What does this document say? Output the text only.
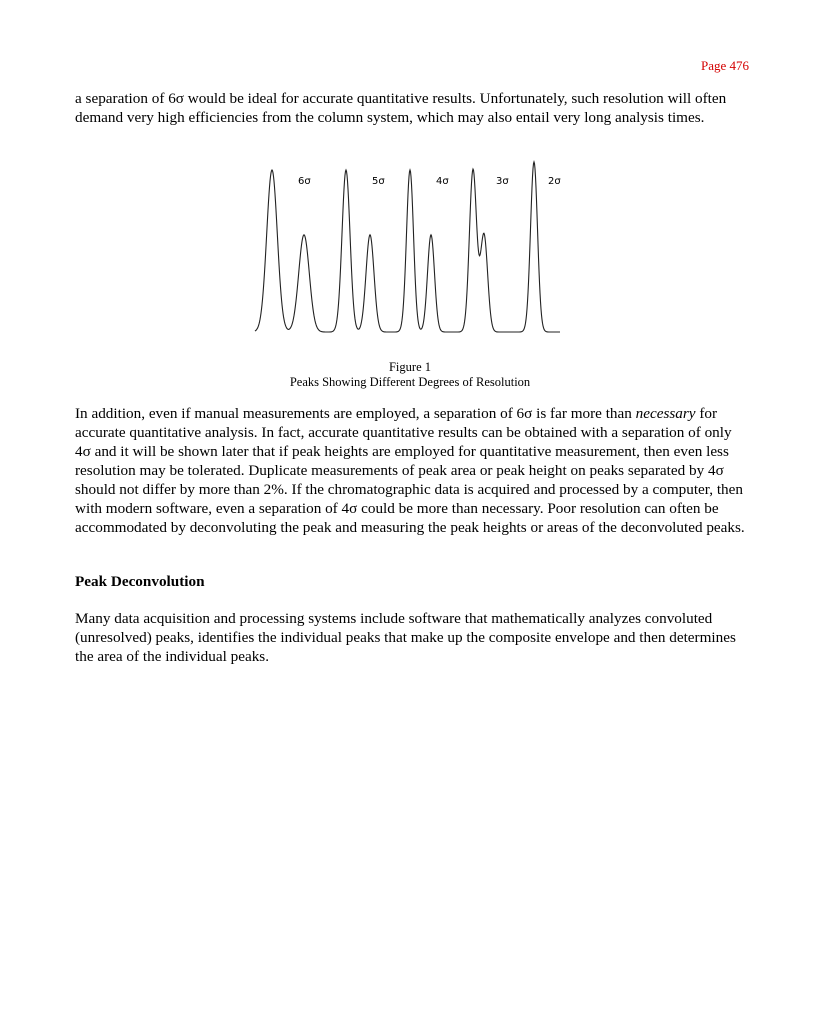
Page 476

a separation of 6σ would be ideal for accurate quantitative results. Unfortunately, such resolution will often demand very high efficiencies from the column system, which may also entail very long analysis times.

6σ	5σ	4σ	3σ	2σ
Figure 1
Peaks Showing Different Degrees of Resolution

In addition, even if manual measurements are employed, a separation of 6σ is far more than necessary for accurate quantitative analysis. In fact, accurate quantitative results can be obtained with a separation of only 4σ and it will be shown later that if peak heights are employed for quantitative measurement, then even less resolution may be tolerated. Duplicate measurements of peak area or peak height on peaks separated by 4σ should not differ by more than 2%. If the chromatographic data is acquired and processed by a computer, then with modern software, even a separation of 4σ could be more than necessary. Poor resolution can often be accommodated by deconvoluting the peak and measuring the peak heights or areas of the deconvoluted peaks.

Peak Deconvolution

Many data acquisition and processing systems include software that mathematically analyzes convoluted (unresolved) peaks, identifies the individual peaks that make up the composite envelope and then determines the area of the individual peaks.
